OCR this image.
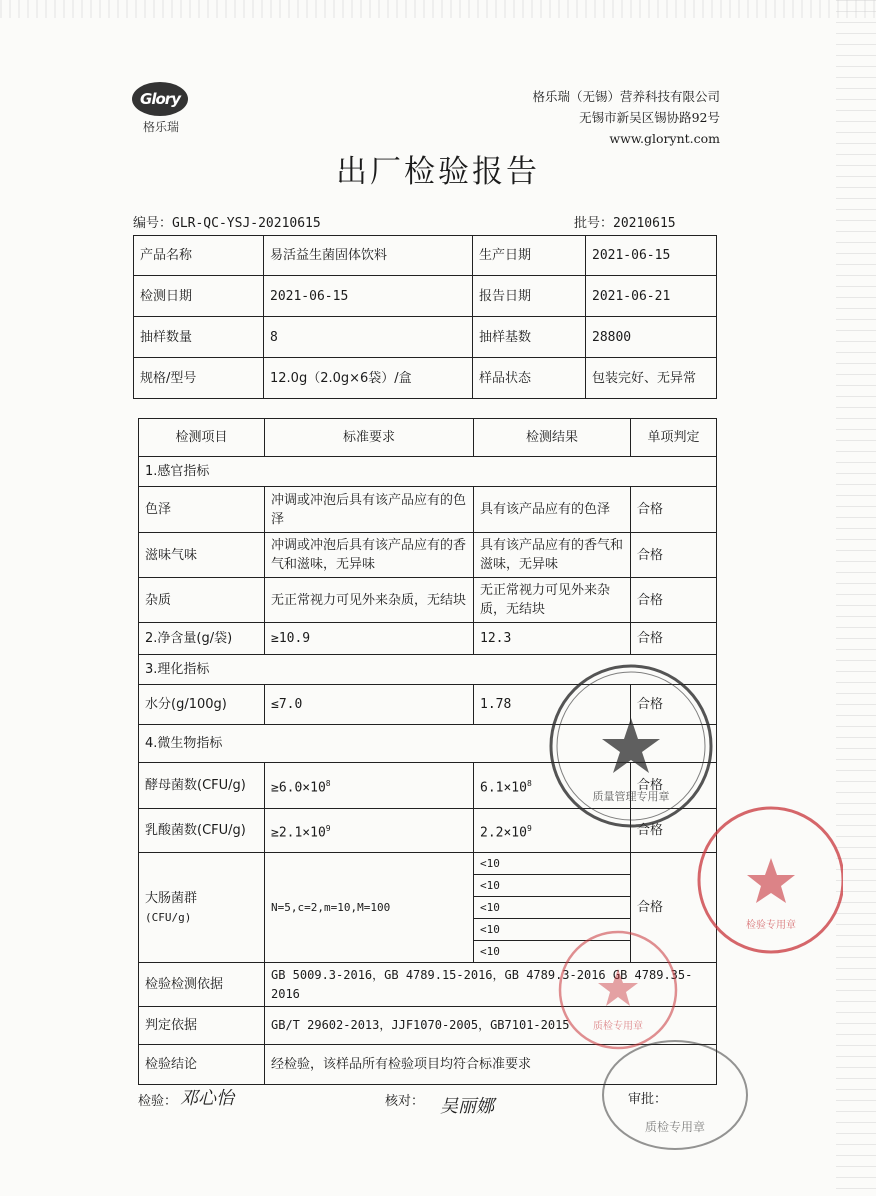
Glory
格乐瑞
格乐瑞（无锡）营养科技有限公司
无锡市新吴区锡协路92号
www.glorynt.com
出厂检验报告
编号：GLR-QC-YSJ-20210615	批号：20210615
产品名称	易活益生菌固体饮料	生产日期	2021-06-15
检测日期	2021-06-15	报告日期	2021-06-21
抽样数量	8	抽样基数	28800
规格/型号	12.0g（2.0g×6袋）/盒	样品状态	包装完好、无异常
检测项目	标准要求	检测结果	单项判定
1.感官指标			
色泽	冲调或冲泡后具有该产品应有的色泽	具有该产品应有的色泽	合格
滋味气味	冲调或冲泡后具有该产品应有的香气和滋味，无异味	具有该产品应有的香气和滋味，无异味	合格
杂质	无正常视力可见外来杂质，无结块	无正常视力可见外来杂质，无结块	合格
2.净含量(g/袋)	≥10.9	12.3	合格
3.理化指标			
水分(g/100g)	≤7.0	1.78	合格
4.微生物指标			
酵母菌数(CFU/g)	$\ge 6.0\times 10^8$	$6.1\times 10^8$	合格
乳酸菌数(CFU/g)	$\ge 2.1\times 10^9$	$2.2\times 10^9$	合格
大肠菌群
(CFU/g)	N=5,c=2,m=10,M=100	<10	合格
		<10	
		<10	
		<10	
		<10	
检验检测依据	GB 5009.3-2016，GB 4789.15-2016，GB 4789.3-2016 GB 4789.35-2016		
判定依据	GB/T 29602-2013，JJF1070-2005，GB7101-2015		
检验结论	经检验，该样品所有检验项目均符合标准要求		
检验： 邓心怡	核对： 吴丽娜	审批：
质量管理专用章
检验专用章
质检专用章
质检专用章
